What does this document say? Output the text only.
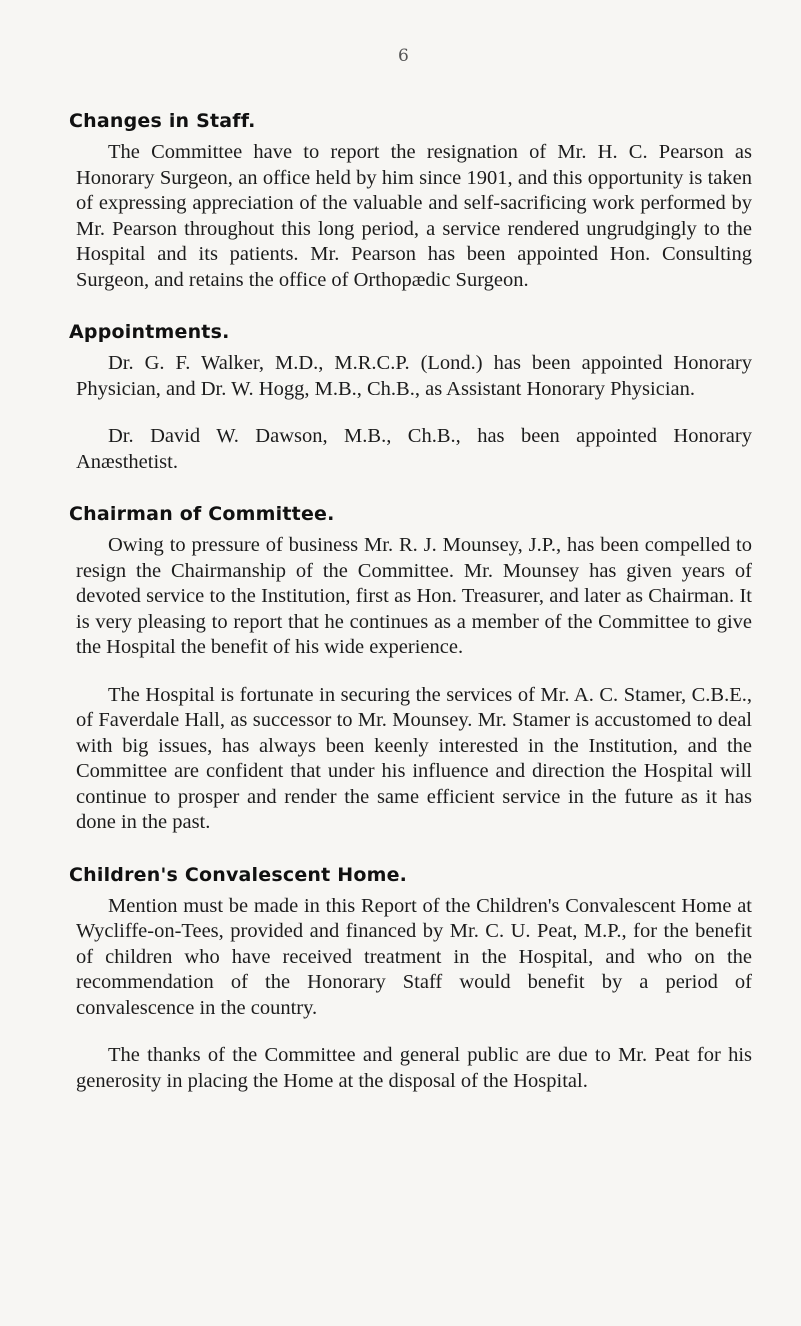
6
Changes in Staff.

The Committee have to report the resignation of Mr. H. C. Pearson as Honorary Surgeon, an office held by him since 1901, and this opportunity is taken of expressing appreciation of the valuable and self-sacrificing work performed by Mr. Pearson throughout this long period, a service rendered ungrudgingly to the Hospital and its patients. Mr. Pearson has been appointed Hon. Consulting Surgeon, and retains the office of Orthopædic Surgeon.

Appointments.

Dr. G. F. Walker, M.D., M.R.C.P. (Lond.) has been appointed Honorary Physician, and Dr. W. Hogg, M.B., Ch.B., as Assistant Honorary Physician.

Dr. David W. Dawson, M.B., Ch.B., has been appointed Honorary Anæsthetist.

Chairman of Committee.

Owing to pressure of business Mr. R. J. Mounsey, J.P., has been compelled to resign the Chairmanship of the Committee. Mr. Mounsey has given years of devoted service to the Institution, first as Hon. Treasurer, and later as Chairman. It is very pleasing to report that he continues as a member of the Committee to give the Hospital the benefit of his wide experience.

The Hospital is fortunate in securing the services of Mr. A. C. Stamer, C.B.E., of Faverdale Hall, as successor to Mr. Mounsey. Mr. Stamer is accustomed to deal with big issues, has always been keenly interested in the Institution, and the Committee are confident that under his influence and direction the Hospital will continue to prosper and render the same efficient service in the future as it has done in the past.

Children's Convalescent Home.

Mention must be made in this Report of the Children's Convalescent Home at Wycliffe-on-Tees, provided and financed by Mr. C. U. Peat, M.P., for the benefit of children who have received treatment in the Hospital, and who on the recommendation of the Honorary Staff would benefit by a period of convalescence in the country.

The thanks of the Committee and general public are due to Mr. Peat for his generosity in placing the Home at the disposal of the Hospital.
